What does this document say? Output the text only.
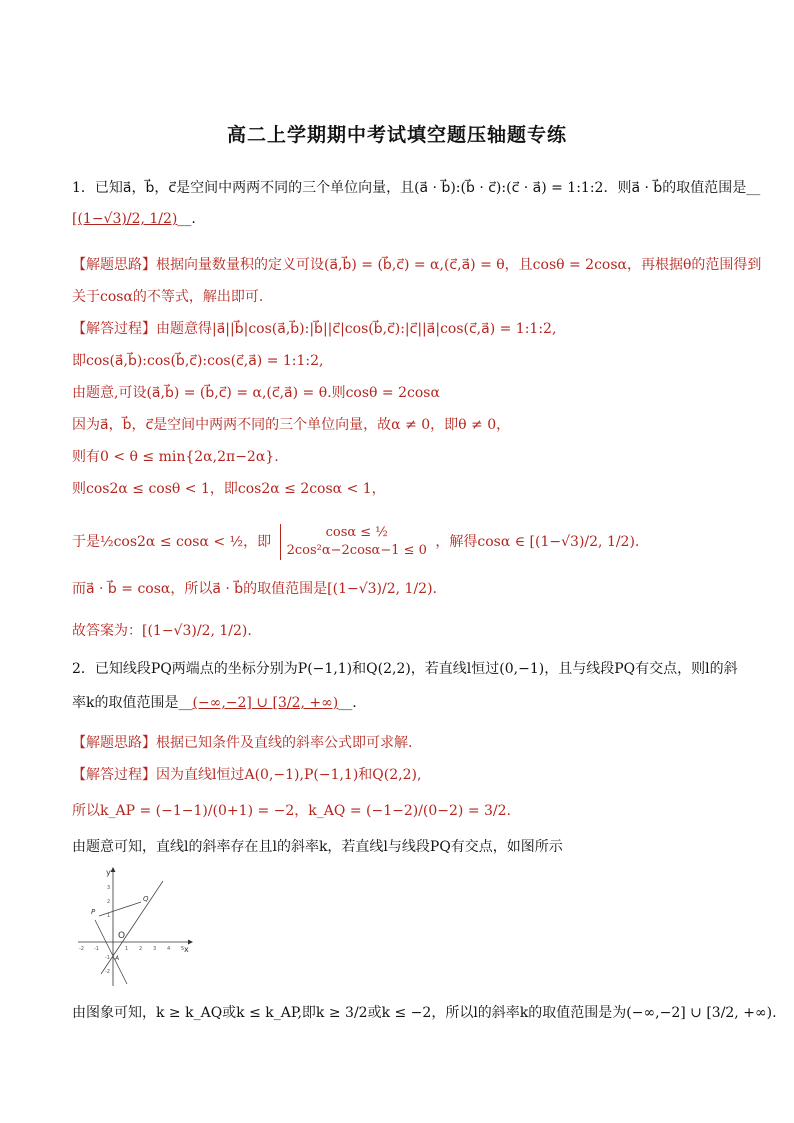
高二上学期期中考试填空题压轴题专练
1．已知a⃗，b⃗，c⃗是空间中两两不同的三个单位向量，且(a⃗ · b⃗):(b⃗ · c⃗):(c⃗ · a⃗) = 1:1:2．则a⃗ · b⃗的取值范围是__
[(1−√3)/2, 1/2)__.
【解题思路】根据向量数量积的定义可设(a⃗,b⃗) = (b⃗,c⃗) = α,(c⃗,a⃗) = θ，且cosθ = 2cosα，再根据θ的范围得到
关于cosα的不等式，解出即可.
【解答过程】由题意得|a⃗||b⃗|cos(a⃗,b⃗):|b⃗||c⃗|cos(b⃗,c⃗):|c⃗||a⃗|cos(c⃗,a⃗) = 1:1:2,
即cos(a⃗,b⃗):cos(b⃗,c⃗):cos(c⃗,a⃗) = 1:1:2,
由题意,可设(a⃗,b⃗) = (b⃗,c⃗) = α,(c⃗,a⃗) = θ.则cosθ = 2cosα
因为a⃗，b⃗，c⃗是空间中两两不同的三个单位向量，故α ≠ 0，即θ ≠ 0，
则有0 < θ ≤ min{2α,2π−2α}.
则cos2α ≤ cosθ < 1，即cos2α ≤ 2cosα < 1，
于是½cos2α ≤ cosα < ½，即
cosα ≤ ½
2cos²α−2cosα−1 ≤ 0
，解得cosα ∈ [(1−√3)/2, 1/2).
而a⃗ · b⃗ = cosα，所以a⃗ · b⃗的取值范围是[(1−√3)/2, 1/2).
故答案为：[(1−√3)/2, 1/2).
2．已知线段PQ两端点的坐标分别为P(−1,1)和Q(2,2)，若直线l恒过(0,−1)，且与线段PQ有交点，则l的斜
率k的取值范围是__(−∞,−2] ∪ [3/2, +∞)__.
【解题思路】根据已知条件及直线的斜率公式即可求解.
【解答过程】因为直线l恒过A(0,−1),P(−1,1)和Q(2,2),
所以k_AP = (−1−1)/(0+1) = −2，k_AQ = (−1−2)/(0−2) = 3/2.
由题意可知，直线l的斜率存在且l的斜率k，若直线l与线段PQ有交点，如图所示
x
y
-2 -1	1 2 3 4 5
3
2
1
-1
-2
P
Q
O
A
由图象可知，k ≥ k_AQ或k ≤ k_AP,即k ≥ 3/2或k ≤ −2，所以l的斜率k的取值范围是为(−∞,−2] ∪ [3/2, +∞).
